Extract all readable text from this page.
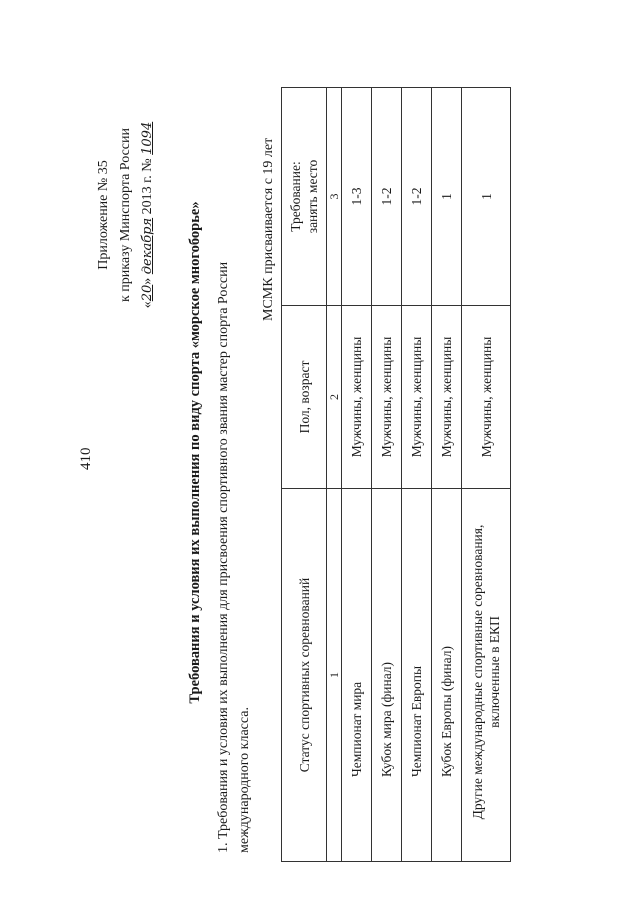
410
Приложение № 35 к приказу Минспорта России
«20» декабря 2013 г. № 1094
Требования и условия их выполнения по виду спорта «морское многоборье» 1. Требования и условия их выполнения для присвоения спортивного звания мастер спорта России международного класса.
МСМК присваивается с 19 лет
Статус спортивных соревнований	Пол, возраст	Требование: занять место

1	2	3
Чемпионат мира	Мужчины, женщины	1-3
Кубок мира (финал)	Мужчины, женщины	1-2
Чемпионат Европы	Мужчины, женщины	1-2
Кубок Европы (финал)	Мужчины, женщины	1

Другие международные спортивные соревнования, включенные в ЕКП	Мужчины, женщины	1
